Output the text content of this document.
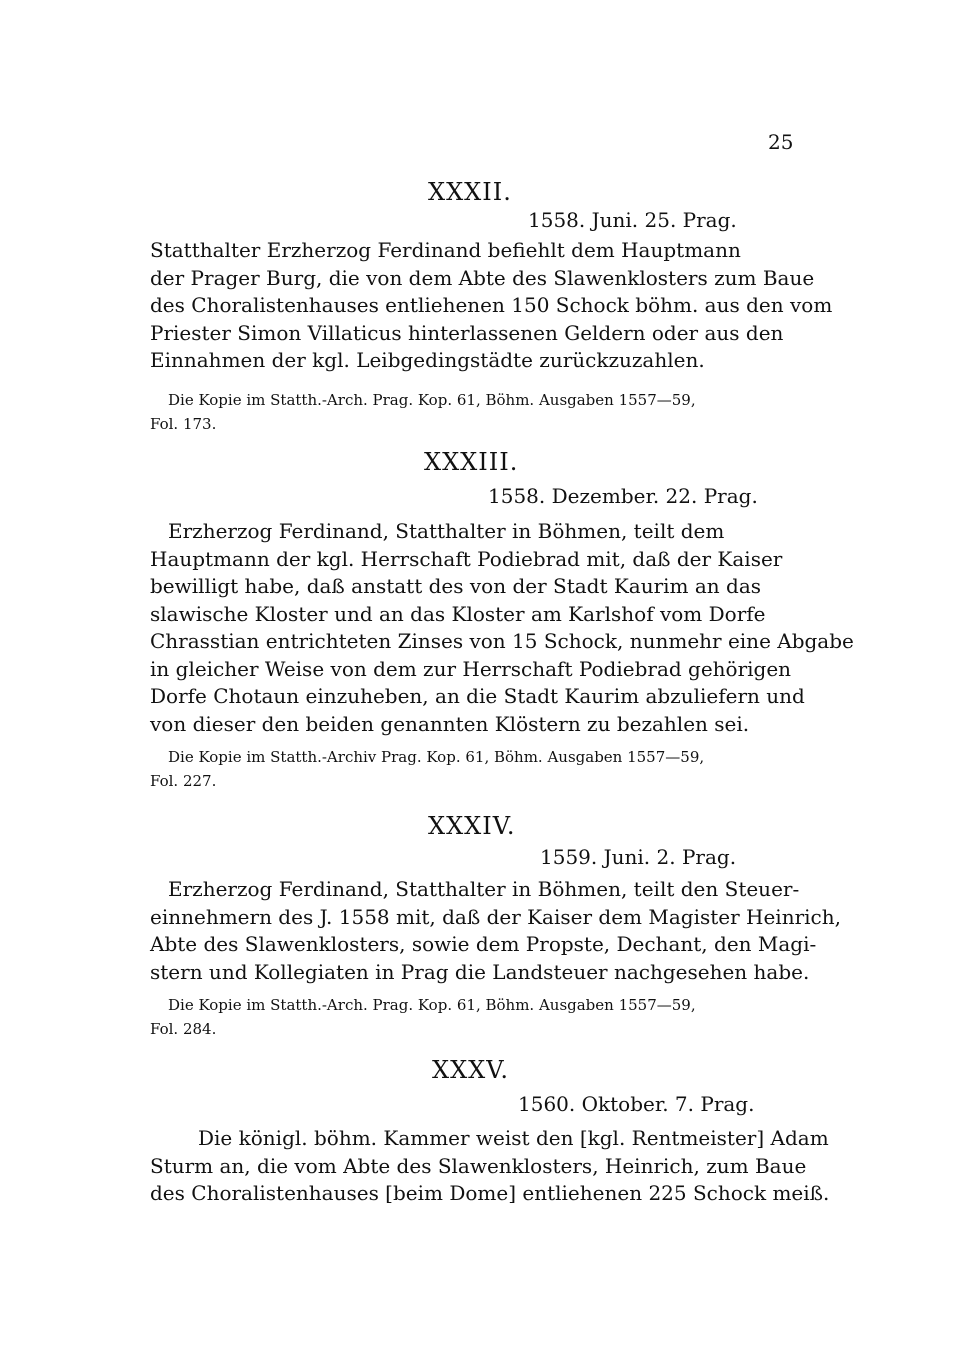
25
XXXII.
1558. Juni. 25. Prag.
Statthalter Erzherzog Ferdinand befiehlt dem Hauptmann
der Prager Burg, die von dem Abte des Slawenklosters zum Baue
des Choralistenhauses entliehenen 150 Schock böhm. aus den vom
Priester Simon Villaticus hinterlassenen Geldern oder aus den
Einnahmen der kgl. Leibgedingstädte zurückzuzahlen.
Die Kopie im Statth.-Arch. Prag. Kop. 61, Böhm. Ausgaben 1557—59,
Fol. 173.
XXXIII.
1558. Dezember. 22. Prag.
Erzherzog Ferdinand, Statthalter in Böhmen, teilt dem
Hauptmann der kgl. Herrschaft Podiebrad mit, daß der Kaiser
bewilligt habe, daß anstatt des von der Stadt Kaurim an das
slawische Kloster und an das Kloster am Karlshof vom Dorfe
Chrasstian entrichteten Zinses von 15 Schock, nunmehr eine Abgabe
in gleicher Weise von dem zur Herrschaft Podiebrad gehörigen
Dorfe Chotaun einzuheben, an die Stadt Kaurim abzuliefern und
von dieser den beiden genannten Klöstern zu bezahlen sei.
Die Kopie im Statth.-Archiv Prag. Kop. 61, Böhm. Ausgaben 1557—59,
Fol. 227.
XXXIV.
1559. Juni. 2. Prag.
Erzherzog Ferdinand, Statthalter in Böhmen, teilt den Steuer-
einnehmern des J. 1558 mit, daß der Kaiser dem Magister Heinrich,
Abte des Slawenklosters, sowie dem Propste, Dechant, den Magi-
stern und Kollegiaten in Prag die Landsteuer nachgesehen habe.
Die Kopie im Statth.-Arch. Prag. Kop. 61, Böhm. Ausgaben 1557—59,
Fol. 284.
XXXV.
1560. Oktober. 7. Prag.
Die königl. böhm. Kammer weist den [kgl. Rentmeister] Adam
Sturm an, die vom Abte des Slawenklosters, Heinrich, zum Baue
des Choralistenhauses [beim Dome] entliehenen 225 Schock meiß.
